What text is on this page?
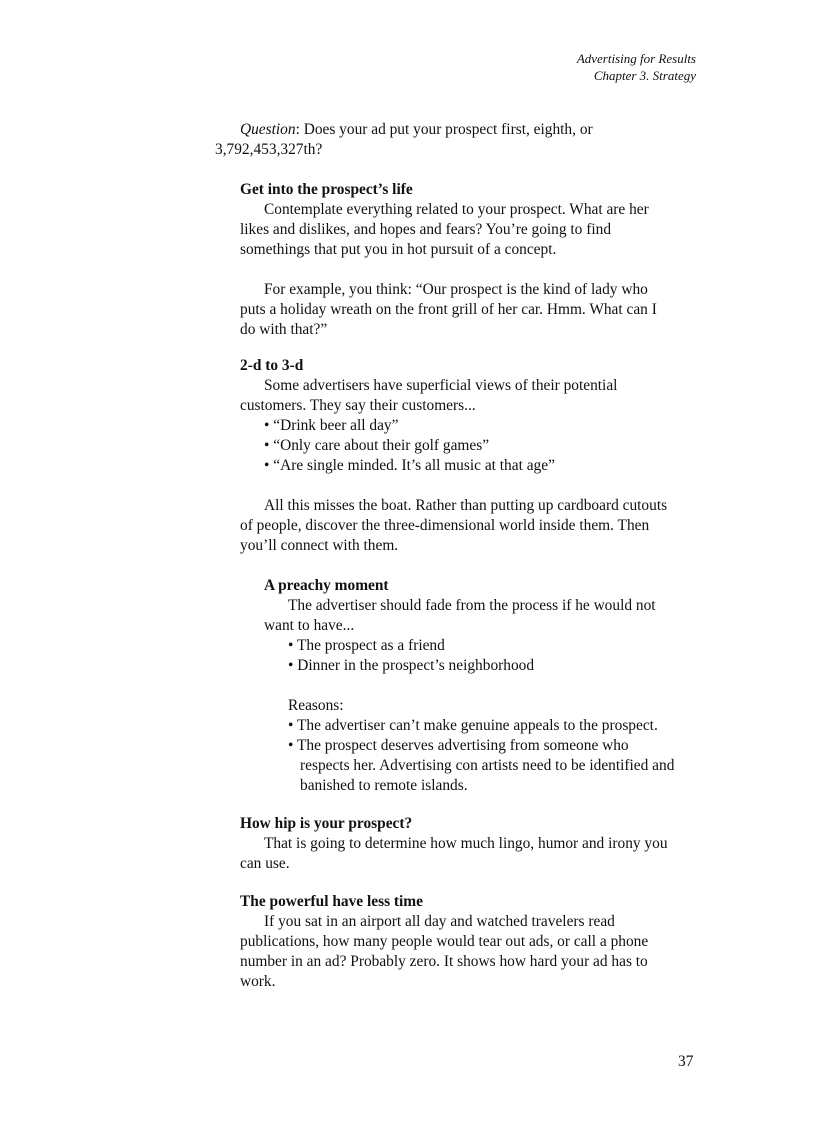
Advertising for Results
Chapter 3. Strategy
Question: Does your ad put your prospect first, eighth, or
3,792,453,327th?
Get into the prospect’s life
Contemplate everything related to your prospect. What are her
likes and dislikes, and hopes and fears? You’re going to find
somethings that put you in hot pursuit of a concept.
For example, you think: “Our prospect is the kind of lady who
puts a holiday wreath on the front grill of her car. Hmm. What can I
do with that?”
2-d to 3-d
Some advertisers have superficial views of their potential
customers. They say their customers...
• “Drink beer all day”
• “Only care about their golf games”
• “Are single minded. It’s all music at that age”
All this misses the boat. Rather than putting up cardboard cutouts
of people, discover the three-dimensional world inside them. Then
you’ll connect with them.
A preachy moment
The advertiser should fade from the process if he would not
want to have...
• The prospect as a friend
• Dinner in the prospect’s neighborhood
Reasons:
• The advertiser can’t make genuine appeals to the prospect.
• The prospect deserves advertising from someone who
respects her. Advertising con artists need to be identified and
banished to remote islands.
How hip is your prospect?
That is going to determine how much lingo, humor and irony you
can use.
The powerful have less time
If you sat in an airport all day and watched travelers read
publications, how many people would tear out ads, or call a phone
number in an ad? Probably zero. It shows how hard your ad has to
work.
37
